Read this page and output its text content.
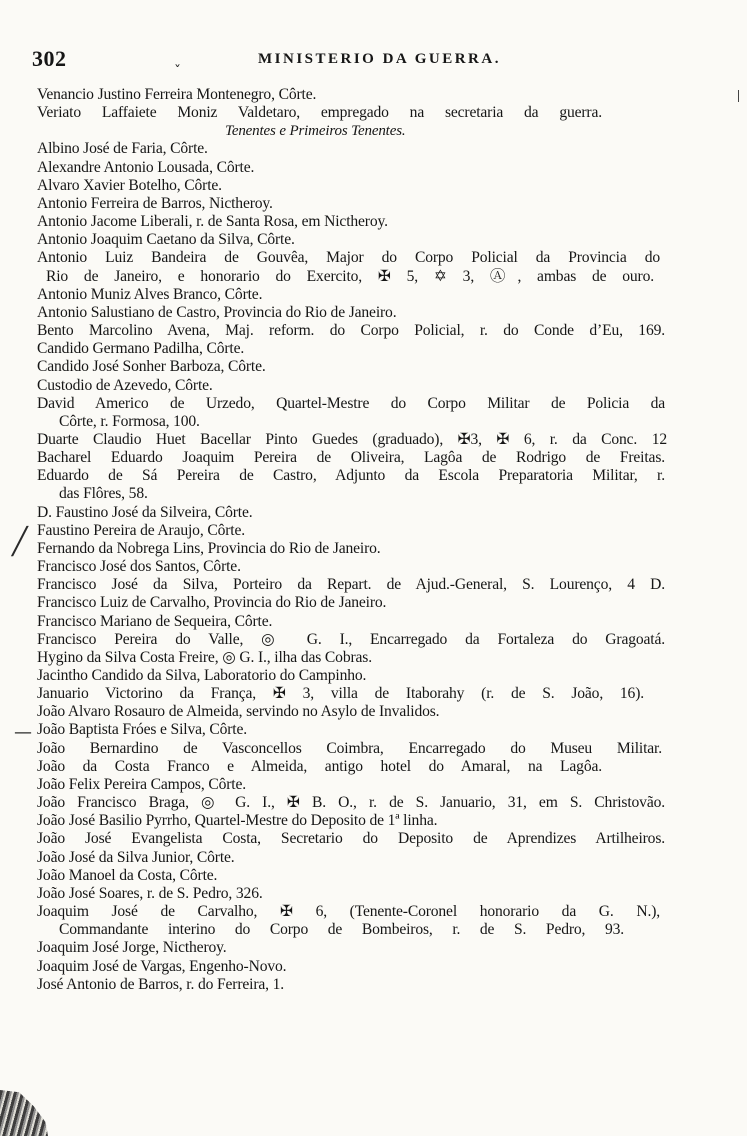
302	MINISTERIO DA GUERRA.
Venancio Justino Ferreira Montenegro, Côrte.
Veriato Laffaiete Moniz Valdetaro, empregado na secretaria da guerra.
Tenentes e Primeiros Tenentes.
Albino José de Faria, Côrte.
Alexandre Antonio Lousada, Côrte.
Alvaro Xavier Botelho, Côrte.
Antonio Ferreira de Barros, Nictheroy.
Antonio Jacome Liberali, r. de Santa Rosa, em Nictheroy.
Antonio Joaquim Caetano da Silva, Côrte.
Antonio Luiz Bandeira de Gouvêa, Major do Corpo Policial da Provincia do
Rio de Janeiro, e honorario do Exercito, ✠ 5, ✡ 3, Ⓐ, ambas de ouro.
Antonio Muniz Alves Branco, Côrte.
Antonio Salustiano de Castro, Provincia do Rio de Janeiro.
Bento Marcolino Avena, Maj. reform. do Corpo Policial, r. do Conde d’Eu, 169.
Candido Germano Padilha, Côrte.
Candido José Sonher Barboza, Côrte.
Custodio de Azevedo, Côrte.
David Americo de Urzedo, Quartel-Mestre do Corpo Militar de Policia da
Côrte, r. Formosa, 100.
Duarte Claudio Huet Bacellar Pinto Guedes (graduado), ✠3, ✠ 6, r. da Conc. 12
Bacharel Eduardo Joaquim Pereira de Oliveira, Lagôa de Rodrigo de Freitas.
Eduardo de Sá Pereira de Castro, Adjunto da Escola Preparatoria Militar, r.
das Flôres, 58.
D. Faustino José da Silveira, Côrte.
Faustino Pereira de Araujo, Côrte.
Fernando da Nobrega Lins, Provincia do Rio de Janeiro.
Francisco José dos Santos, Côrte.
Francisco José da Silva, Porteiro da Repart. de Ajud.-General, S. Lourenço, 4 D.
Francisco Luiz de Carvalho, Provincia do Rio de Janeiro.
Francisco Mariano de Sequeira, Côrte.
Francisco Pereira do Valle, ◎ G. I., Encarregado da Fortaleza do Gragoatá.
Hygino da Silva Costa Freire, ◎ G. I., ilha das Cobras.
Jacintho Candido da Silva, Laboratorio do Campinho.
Januario Victorino da França, ✠ 3, villa de Itaborahy (r. de S. João, 16).
João Alvaro Rosauro de Almeida, servindo no Asylo de Invalidos.
João Baptista Fróes e Silva, Côrte.
João Bernardino de Vasconcellos Coimbra, Encarregado do Museu Militar.
João da Costa Franco e Almeida, antigo hotel do Amaral, na Lagôa.
João Felix Pereira Campos, Côrte.
João Francisco Braga, ◎ G. I., ✠ B. O., r. de S. Januario, 31, em S. Christovão.
João José Basilio Pyrrho, Quartel-Mestre do Deposito de 1ª linha.
João José Evangelista Costa, Secretario do Deposito de Aprendizes Artilheiros.
João José da Silva Junior, Côrte.
João Manoel da Costa, Côrte.
João José Soares, r. de S. Pedro, 326.
Joaquim José de Carvalho, ✠ 6, (Tenente-Coronel honorario da G. N.),
Commandante interino do Corpo de Bombeiros, r. de S. Pedro, 93.
Joaquim José Jorge, Nictheroy.
Joaquim José de Vargas, Engenho-Novo.
José Antonio de Barros, r. do Ferreira, 1.
╱
—
ˇ
